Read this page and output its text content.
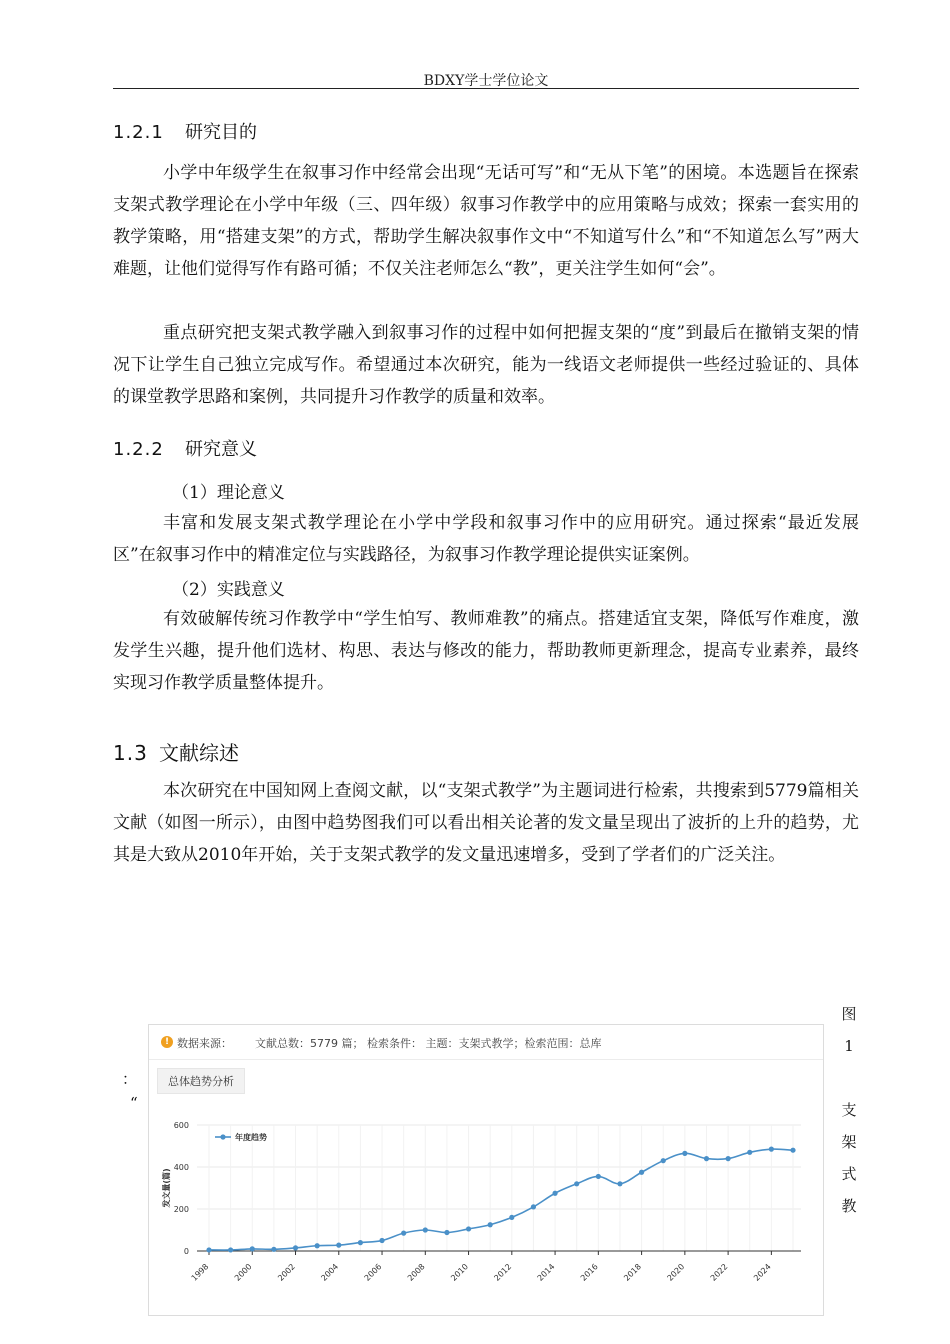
BDXY学士学位论文
1.2.1 研究目的
小学中年级学生在叙事习作中经常会出现“无话可写”和“无从下笔”的困境。本选题旨在探索支架式教学理论在小学中年级（三、四年级）叙事习作教学中的应用策略与成效；探索一套实用的教学策略，用“搭建支架”的方式，帮助学生解决叙事作文中“不知道写什么”和“不知道怎么写”两大难题，让他们觉得写作有路可循；不仅关注老师怎么“教”，更关注学生如何“会”。
重点研究把支架式教学融入到叙事习作的过程中如何把握支架的“度”到最后在撤销支架的情况下让学生自己独立完成写作。希望通过本次研究，能为一线语文老师提供一些经过验证的、具体的课堂教学思路和案例，共同提升习作教学的质量和效率。
1.2.2 研究意义
（1）理论意义
丰富和发展支架式教学理论在小学中学段和叙事习作中的应用研究。通过探索“最近发展区”在叙事习作中的精准定位与实践路径，为叙事习作教学理论提供实证案例。
（2）实践意义
有效破解传统习作教学中“学生怕写、教师难教”的痛点。搭建适宜支架，降低写作难度，激发学生兴趣，提升他们选材、构思、表达与修改的能力，帮助教师更新理念，提高专业素养，最终实现习作教学质量整体提升。
1.3 文献综述
本次研究在中国知网上查阅文献，以“支架式教学”为主题词进行检索，共搜索到5779篇相关文献（如图一所示），由图中趋势图我们可以看出相关论著的发文量呈现出了波折的上升的趋势，尤其是大致从2010年开始，关于支架式教学的发文量迅速增多，受到了学者们的广泛关注。
图
1
支
架
式
教
：
“
! 数据来源： 文献总数：5779 篇； 检索条件： 主题：支架式教学；检索范围：总库
总体趋势分析
0
200
400
600
1998	2000	2002	2004	2006	2008	2010	2012	2014	2016	2018	2020	2022	2024
发文量(篇)
年度趋势
